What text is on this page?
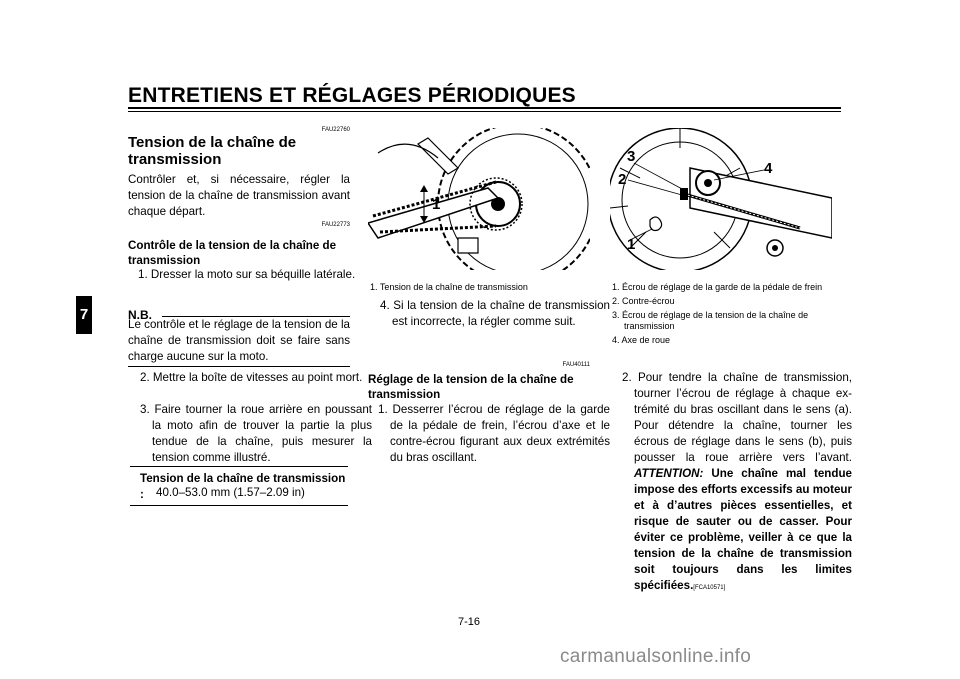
ENTRETIENS ET RÉGLAGES PÉRIODIQUES
7
FAU22760
Tension de la chaîne de transmission
Contrôler et, si nécessaire, régler la tension de la chaîne de transmission avant chaque départ.
FAU22773
Contrôle de la tension de la chaîne de transmission
1. Dresser la moto sur sa béquille latérale.
N.B.
Le contrôle et le réglage de la tension de la chaîne de transmission doit se faire sans charge aucune sur la moto.
2. Mettre la boîte de vitesses au point mort.
3. Faire tourner la roue arrière en poussant la moto afin de trouver la partie la plus tendue de la chaîne, puis mesurer la tension comme illustré.
Tension de la chaîne de transmission :	40.0–53.0 mm (1.57–2.09 in)
1
1. Tension de la chaîne de transmission
4. Si la tension de la chaîne de transmission est incorrecte, la régler comme suit.
FAU40111
Réglage de la tension de la chaîne de transmission
1. Desserrer l’écrou de réglage de la garde de la pédale de frein, l’écrou d’axe et le contre-écrou figurant aux deux extrémités du bras oscillant.
3
2
4
1
1. Écrou de réglage de la garde de la pédale de frein
2. Contre-écrou
3. Écrou de réglage de la tension de la chaîne de transmission
4. Axe de roue
2. Pour tendre la chaîne de transmission, tourner l’écrou de réglage à chaque extrémité du bras oscillant dans le sens (a). Pour détendre la chaîne, tourner les écrous de réglage dans le sens (b), puis pousser la roue arrière vers l’avant. ATTENTION: Une chaîne mal tendue impose des efforts excessifs au moteur et à d’autres pièces essentielles, et risque de sauter ou de casser. Pour éviter ce problème, veiller à ce que la tension de la chaîne de transmission soit toujours dans les limites spécifiées.[FCA10571]
7-16
carmanualsonline.info
